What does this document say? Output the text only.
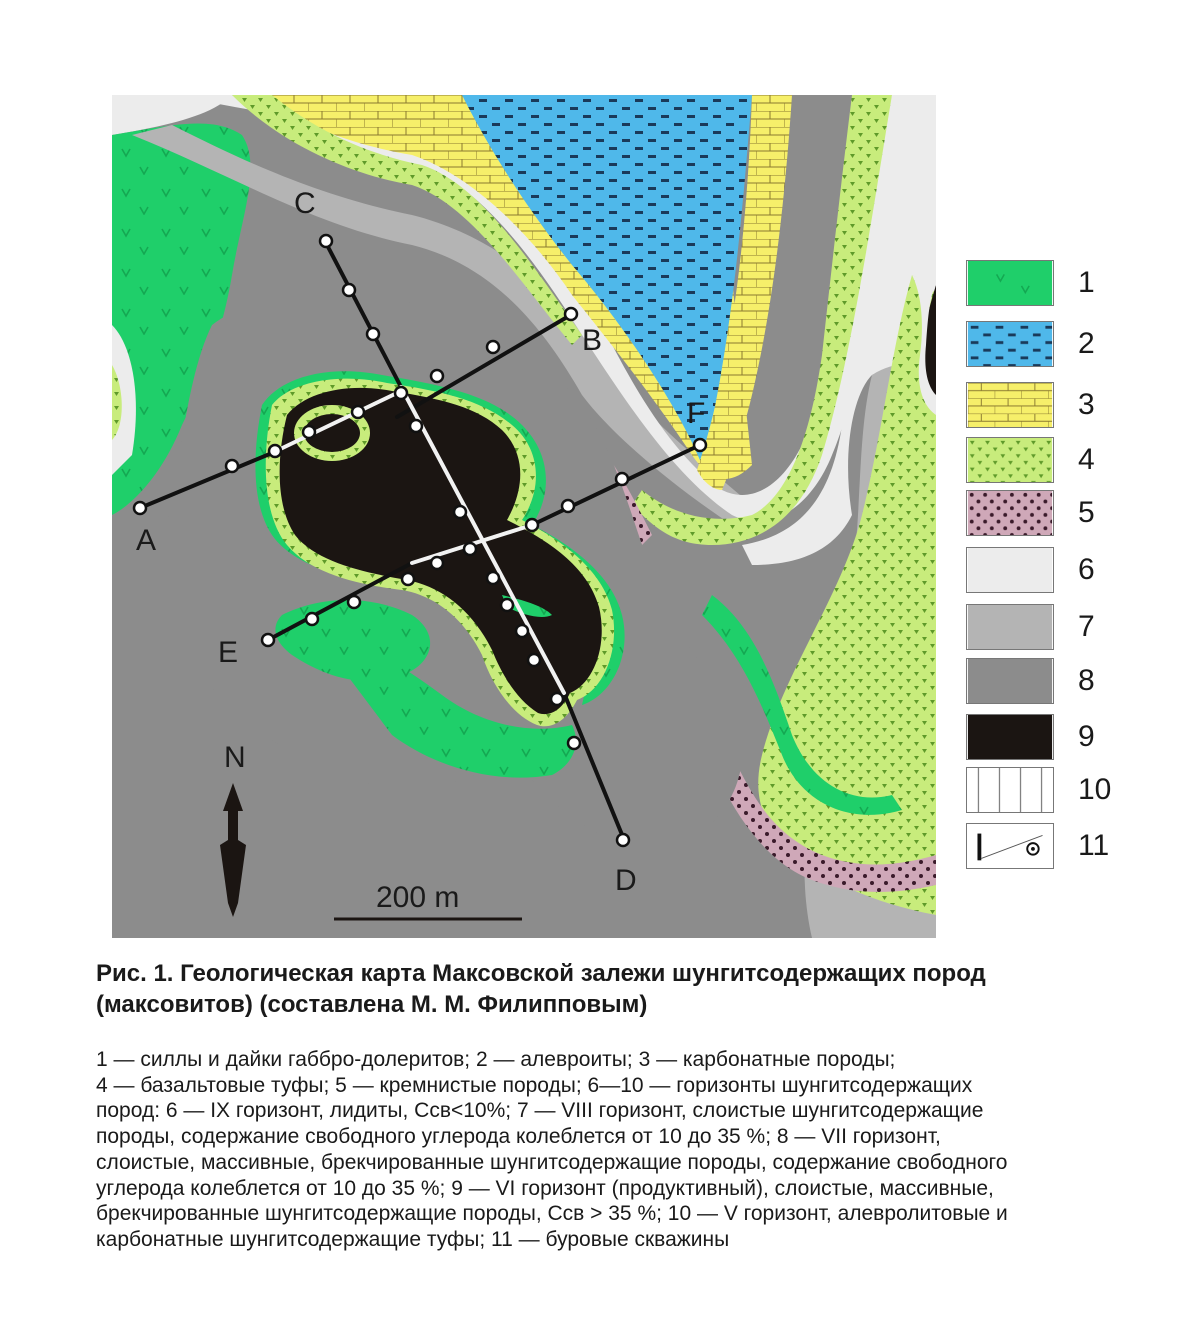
A
B
C
D
E
F
N
200 m
1
2
3
4
5
6
7
8
9
10
11
Рис. 1. Геологическая карта Максовской залежи шунгитсодержащих пород
(максовитов) (составлена М. М. Филипповым)
1 — силлы и дайки габбро-долеритов; 2 — алевроиты; 3 — карбонатные породы;
4 — базальтовые туфы; 5 — кремнистые породы; 6—10 — горизонты шунгитсодержащих
пород: 6 — IX горизонт, лидиты, Ссв<10%; 7 — VIII горизонт, слоистые шунгитсодержащие
породы, содержание свободного углерода колеблется от 10 до 35 %; 8 — VII горизонт,
слоистые, массивные, брекчированные шунгитсодержащие породы, содержание свободного
углерода колеблется от 10 до 35 %; 9 — VI горизонт (продуктивный), слоистые, массивные,
брекчированные шунгитсодержащие породы, Ссв > 35 %; 10 — V горизонт, алевролитовые и
карбонатные шунгитсодержащие туфы; 11 — буровые скважины
